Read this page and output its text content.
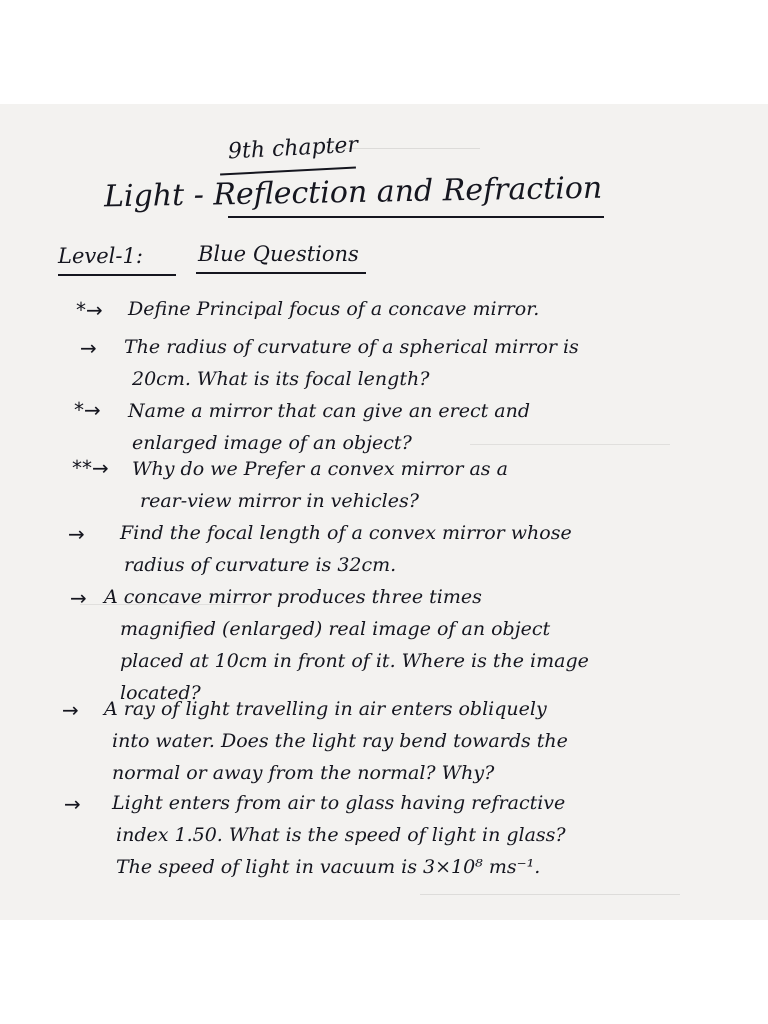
9th chapter
Light - Reflection and Refraction
Level-1:	Blue Questions
*→ Define Principal focus of a concave mirror.
→ The radius of curvature of a spherical mirror is
20cm. What is its focal length?
*→ Name a mirror that can give an erect and
enlarged image of an object?
**→ Why do we Prefer a convex mirror as a
rear-view mirror in vehicles?
→ Find the focal length of a convex mirror whose
radius of curvature is 32cm.
→ A concave mirror produces three times
magnified (enlarged) real image of an object
placed at 10cm in front of it. Where is the image
located?
→ A ray of light travelling in air enters obliquely
into water. Does the light ray bend towards the
normal or away from the normal? Why?
→ Light enters from air to glass having refractive
index 1.50. What is the speed of light in glass?
The speed of light in vacuum is 3×10⁸ ms⁻¹.
